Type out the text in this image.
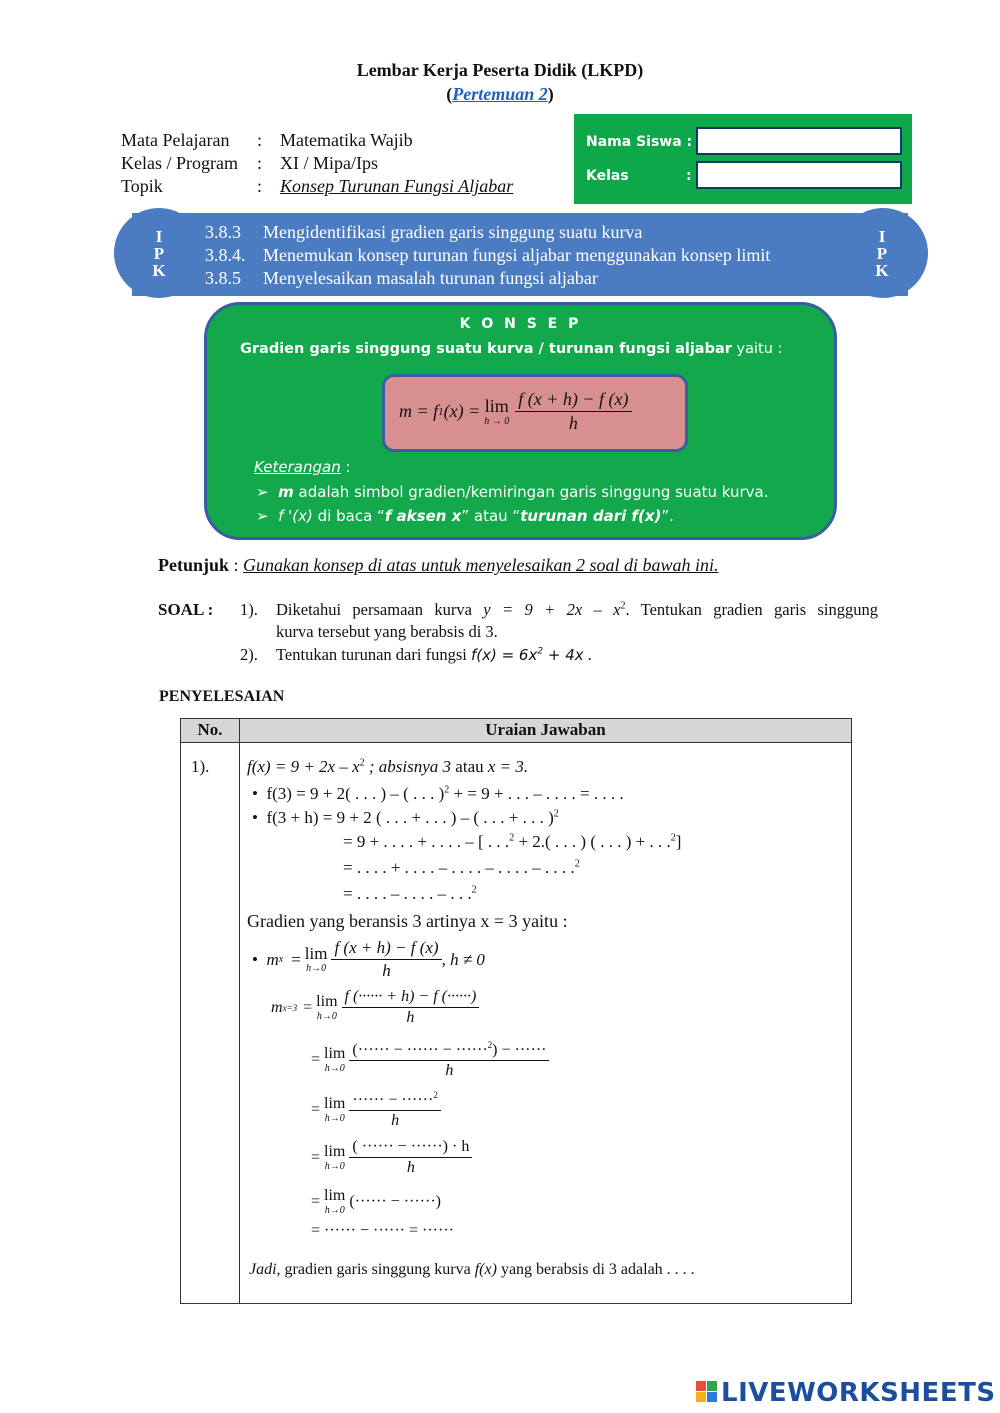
Lembar Kerja Peserta Didik (LKPD)
(Pertemuan 2)
Mata Pelajaran	: Matematika Wajib
Kelas / Program	: XI / Mipa/Ips
Topik	: Konsep Turunan Fungsi Aljabar
Nama Siswa :
Kelas	:
I
P
K
I
P
K
3.8.3 Mengidentifikasi gradien garis singgung suatu kurva
3.8.4. Menemukan konsep turunan fungsi aljabar menggunakan konsep limit
3.8.5 Menyelesaikan masalah turunan fungsi aljabar
K O N S E P
Gradien garis singgung suatu kurva / turunan fungsi aljabar yaitu :
m = f 1 (x) = lim
$h \to 0 \frac{f (x + h) - f (x)}{h}$
Keterangan :
➢ m adalah simbol gradien/kemiringan garis singgung suatu kurva.
➢ f '(x) di baca “f aksen x” atau “turunan dari f(x)”.
Petunjuk : Gunakan konsep di atas untuk menyelesaikan 2 soal di bawah ini.
SOAL : 1). Diketahui persamaan kurva $y = 9 + 2x - x^2$. Tentukan gradien garis singgung
kurva tersebut yang berabsis di 3.
2). Tentukan turunan dari fungsi $f(x) = 6x^2 + 4x$ .
PENYELESAIAN
No.	Uraian Jawaban
1). $f(x) = 9 + 2x - x^2$ ; absisnya 3 atau x = 3.
• f(3) = 9 + 2( . . . ) – ( . . . )$^2$ + = 9 + . . . – . . . . = . . . .
• f(3 + h) = 9 + 2 ( . . . + . . . ) – ( . . . + . . . )$^2$
= 9 + . . . . + . . . . – [ . . .$^2$ + 2.( . . . ) ( . . . ) + . . .$^2$]
= . . . . + . . . . – . . . . – . . . . – . . . .$^2$
= . . . . – . . . . – . . .$^2$
Gradien yang beransis 3 artinya x = 3 yaitu :
•
m x = lim
$h\to 0 \frac{f (x + h) - f (x)}{h}$ , h ≠ 0
m x=3 = lim
$h\to 0 \frac{f (\cdot\cdot\cdot\cdot\cdot\cdot + h) - f (\cdot\cdot\cdot\cdot\cdot\cdot)}{h}$
= lim
$h\to 0 \frac{(\cdot\cdot\cdot\cdot\cdot\cdot - \cdot\cdot\cdot\cdot\cdot\cdot - \cdot\cdot\cdot\cdot\cdot\cdot^2) - \cdot\cdot\cdot\cdot\cdot\cdot}{h}$
= lim
$h\to 0 \frac{\cdot\cdot\cdot\cdot\cdot\cdot - \cdot\cdot\cdot\cdot\cdot\cdot^2}{h}$
= lim
$h\to 0 \frac{( \cdot\cdot\cdot\cdot\cdot\cdot - \cdot\cdot\cdot\cdot\cdot\cdot) \cdot h}{h}$
= lim
h→0
(······ − ······)
= ······ − ······ = ······
Jadi, gradien garis singgung kurva f(x) yang berabsis di 3 adalah . . . .
LIVEWORKSHEETS
